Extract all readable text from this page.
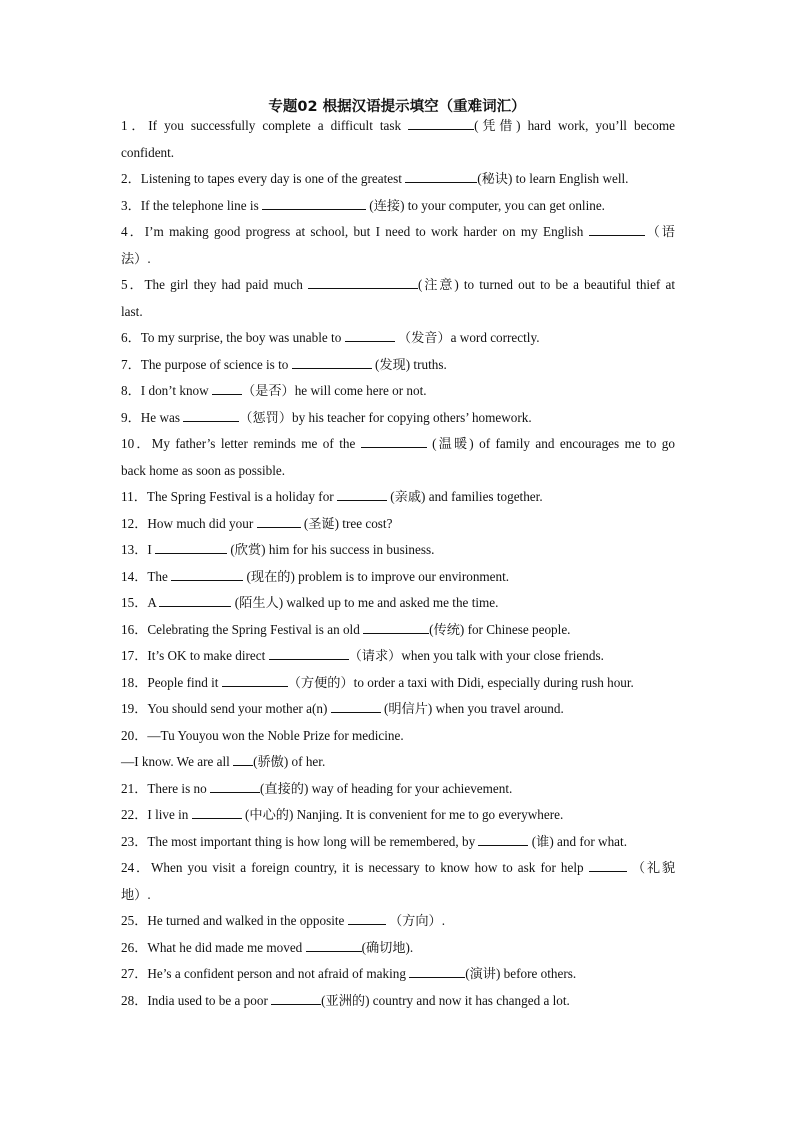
专题02 根据汉语提示填空（重难词汇）
1．If you successfully complete a difficult task	(凭借) hard work, you’ll become
confident.
2．Listening to tapes every day is one of the greatest	(秘诀) to learn English well.
3．If the telephone line is	(连接) to your computer, you can get online.
4．I’m making good progress at school, but I need to work harder on my English	（语
法）.
5．The girl they had paid much	(注意) to turned out to be a beautiful thief at
last.
6．To my surprise, the boy was unable to	（发音）a word correctly.
7．The purpose of science is to	(发现) truths.
8．I don’t know （是否）he will come here or not.
9．He was	（惩罚）by his teacher for copying others’ homework.
10．My father’s letter reminds me of the	(温暖) of family and encourages me to go
back home as soon as possible.
11．The Spring Festival is a holiday for	(亲戚) and families together.
12．How much did your	(圣诞) tree cost?
13．I	(欣赏) him for his success in business.
14．The	(现在的) problem is to improve our environment.
15．A	(陌生人) walked up to me and asked me the time.
16．Celebrating the Spring Festival is an old	(传统) for Chinese people.
17．It’s OK to make direct	（请求）when you talk with your close friends.
18．People find it	（方便的）to order a taxi with Didi, especially during rush hour.
19．You should send your mother a(n)	(明信片) when you travel around.
20．—Tu Youyou won the Noble Prize for medicine.
—I know. We are all (骄傲) of her.
21．There is no	(直接的) way of heading for your achievement.
22．I live in	(中心的) Nanjing. It is convenient for me to go everywhere.
23．The most important thing is how long will be remembered, by	(谁) and for what.
24．When you visit a foreign country, it is necessary to know how to ask for help	（礼貌
地）.
25．He turned and walked in the opposite	（方向）.
26．What he did made me moved	(确切地).
27．He’s a confident person and not afraid of making	(演讲) before others.
28．India used to be a poor	(亚洲的) country and now it has changed a lot.
